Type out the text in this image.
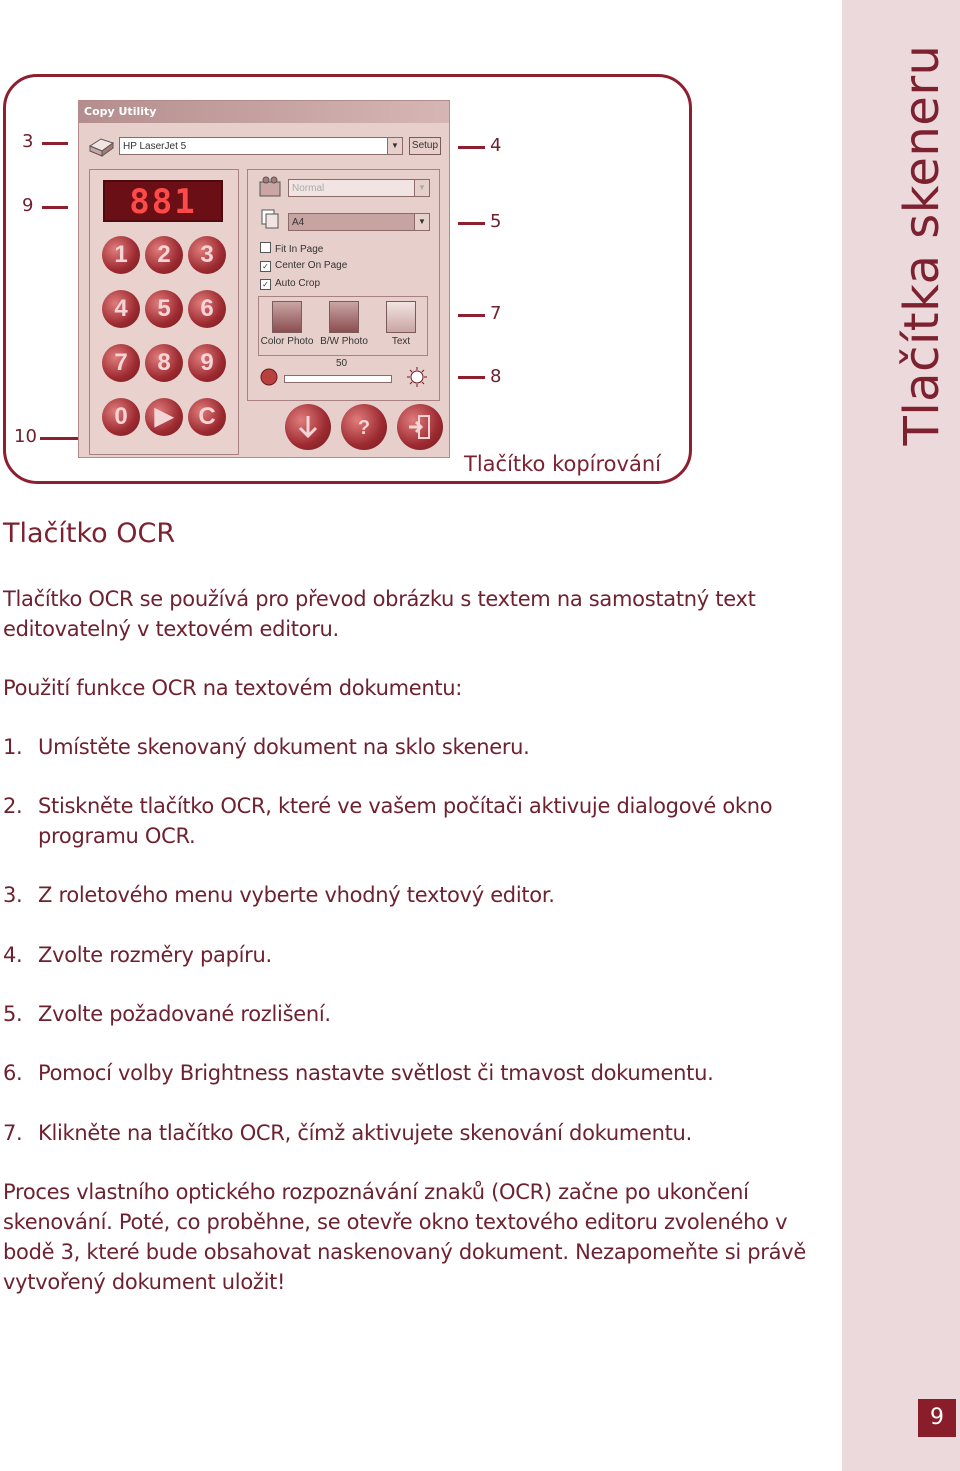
Tlačítka skeneru
9
3
9
10
4
5
7
8
Tlačítko kopírování
Copy Utility
HP LaserJet 5	▼	Setup
881
1	2	3
4	5	6
7	8	9
0	▶	C
Normal	▼
A4	▼
Fit In Page
✓ Center On Page
✓ Auto Crop
Color Photo B/W Photo	Text
50
?
Tlačítko OCR
Tlačítko OCR se používá pro převod obrázku s textem na samostatný text editovatelný v textovém editoru.
Použití funkce OCR na textovém dokumentu:
1. Umístěte skenovaný dokument na sklo skeneru.
2. Stiskněte tlačítko OCR, které ve vašem počítači aktivuje dialogové okno programu OCR.
3. Z roletového menu vyberte vhodný textový editor.
4. Zvolte rozměry papíru.
5. Zvolte požadované rozlišení.
6. Pomocí volby Brightness nastavte světlost či tmavost dokumentu.
7. Klikněte na tlačítko OCR, čímž aktivujete skenování dokumentu.
Proces vlastního optického rozpoznávání znaků (OCR) začne po ukončení skenování. Poté, co proběhne, se otevře okno textového editoru zvoleného v bodě 3, které bude obsahovat naskenovaný dokument. Nezapomeňte si právě vytvořený dokument uložit!
